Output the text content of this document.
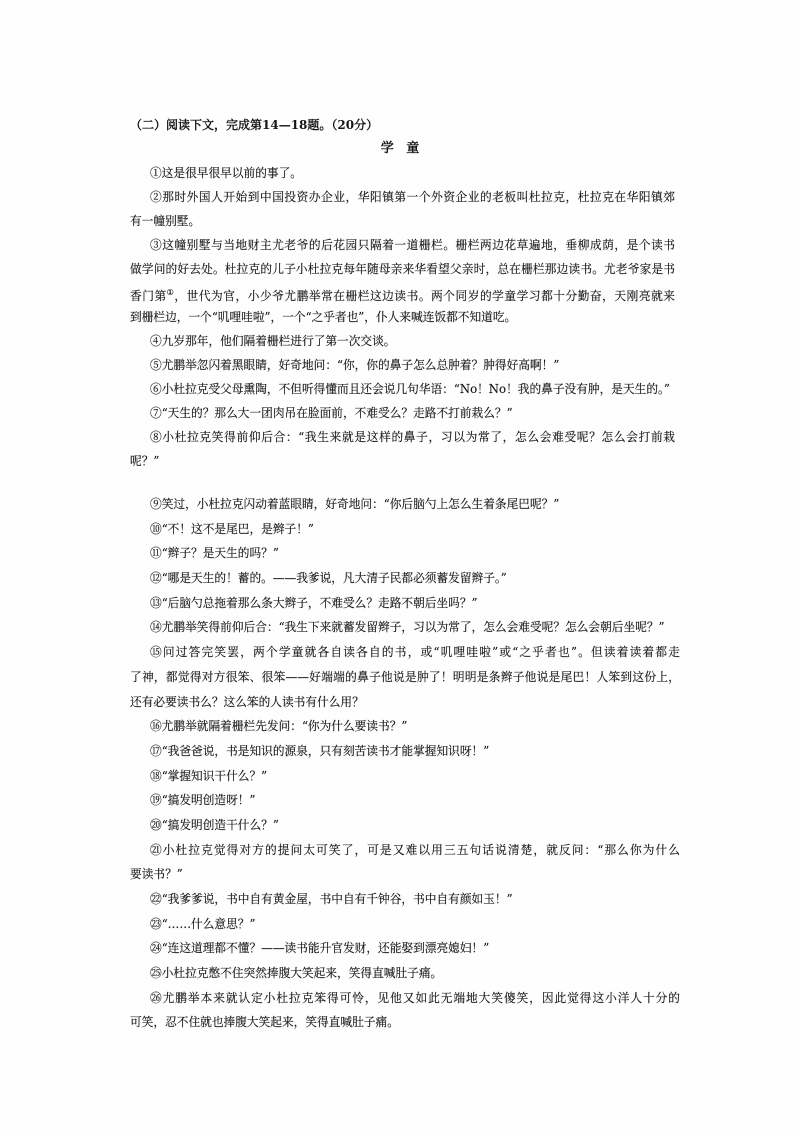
（二）阅读下文，完成第14—18题。（20分）
学 童
①这是很早很早以前的事了。
②那时外国人开始到中国投资办企业，华阳镇第一个外资企业的老板叫杜拉克，杜拉克在华阳镇郊
有一幢别墅。
③这幢别墅与当地财主尤老爷的后花园只隔着一道栅栏。栅栏两边花草遍地，垂柳成荫，是个读书
做学问的好去处。杜拉克的儿子小杜拉克每年随母亲来华看望父亲时，总在栅栏那边读书。尤老爷家是书
香门第①，世代为官，小少爷尤鹏举常在栅栏这边读书。两个同岁的学童学习都十分勤奋，天刚亮就来
到栅栏边，一个“叽哩哇啦”，一个“之乎者也”，仆人来喊连饭都不知道吃。
④九岁那年，他们隔着栅栏进行了第一次交谈。
⑤尤鹏举忽闪着黑眼睛，好奇地问：“你，你的鼻子怎么总肿着？肿得好高啊！”
⑥小杜拉克受父母熏陶，不但听得懂而且还会说几句华语：“No！No！我的鼻子没有肿，是天生的。”
⑦“天生的？那么大一团肉吊在脸面前，不难受么？走路不打前栽么？”
⑧小杜拉克笑得前仰后合：“我生来就是这样的鼻子，习以为常了，怎么会难受呢？怎么会打前栽
呢？”
⑨笑过，小杜拉克闪动着蓝眼睛，好奇地问：“你后脑勺上怎么生着条尾巴呢？”
⑩“不！这不是尾巴，是辫子！”
⑪“辫子？是天生的吗？”
⑫“哪是天生的！蓄的。——我爹说，凡大清子民都必须蓄发留辫子。”
⑬“后脑勺总拖着那么条大辫子，不难受么？走路不朝后坐吗？”
⑭尤鹏举笑得前仰后合：“我生下来就蓄发留辫子，习以为常了，怎么会难受呢？怎么会朝后坐呢？”
⑮问过答完笑罢，两个学童就各自读各自的书，或“叽哩哇啦”或“之乎者也”。但读着读着都走
了神，都觉得对方很笨、很笨——好端端的鼻子他说是肿了！明明是条辫子他说是尾巴！人笨到这份上，
还有必要读书么？这么笨的人读书有什么用？
⑯尤鹏举就隔着栅栏先发问：“你为什么要读书？”
⑰“我爸爸说，书是知识的源泉，只有刻苦读书才能掌握知识呀！”
⑱“掌握知识干什么？”
⑲“搞发明创造呀！”
⑳“搞发明创造干什么？”
㉑小杜拉克觉得对方的提问太可笑了，可是又难以用三五句话说清楚，就反问：“那么你为什么
要读书？”
㉒“我爹爹说，书中自有黄金屋，书中自有千钟谷，书中自有颜如玉！”
㉓“……什么意思？”
㉔“连这道理都不懂？——读书能升官发财，还能娶到漂亮媳妇！”
㉕小杜拉克憋不住突然捧腹大笑起来，笑得直喊肚子痛。
㉖尤鹏举本来就认定小杜拉克笨得可怜，见他又如此无端地大笑傻笑，因此觉得这小洋人十分的
可笑，忍不住就也捧腹大笑起来，笑得直喊肚子痛。
